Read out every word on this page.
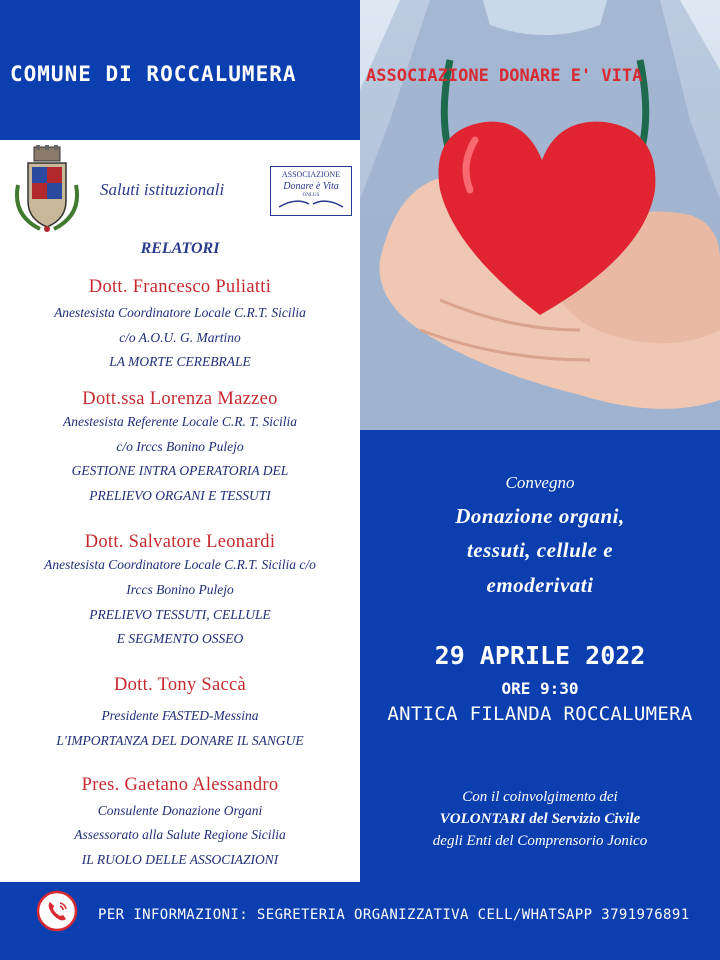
COMUNE DI ROCCALUMERA	ASSOCIAZIONE DONARE E' VITA
Saluti istituzionali
ASSOCIAZIONE
Donare è Vita
ONLUS
RELATORI
Dott. Francesco Puliatti
Anestesista Coordinatore Locale C.R.T. Sicilia
c/o A.O.U. G. Martino
LA MORTE CEREBRALE
Dott.ssa Lorenza Mazzeo
Anestesista Referente Locale C.R. T. Sicilia
c/o Irccs Bonino Pulejo
GESTIONE INTRA OPERATORIA DEL
PRELIEVO ORGANI E TESSUTI
Dott. Salvatore Leonardi
Anestesista Coordinatore Locale C.R.T. Sicilia c/o
Irccs Bonino Pulejo
PRELIEVO TESSUTI, CELLULE
E SEGMENTO OSSEO
Dott. Tony Saccà
Presidente FASTED-Messina
L'IMPORTANZA DEL DONARE IL SANGUE
Pres. Gaetano Alessandro
Consulente Donazione Organi
Assessorato alla Salute Regione Sicilia
IL RUOLO DELLE ASSOCIAZIONI
Convegno
Donazione organi,
tessuti, cellule e
emoderivati
29 APRILE 2022
ORE 9:30
ANTICA FILANDA ROCCALUMERA
Con il coinvolgimento dei
VOLONTARI del Servizio Civile
degli Enti del Comprensorio Jonico
PER INFORMAZIONI: SEGRETERIA ORGANIZZATIVA CELL/WHATSAPP 3791976891
